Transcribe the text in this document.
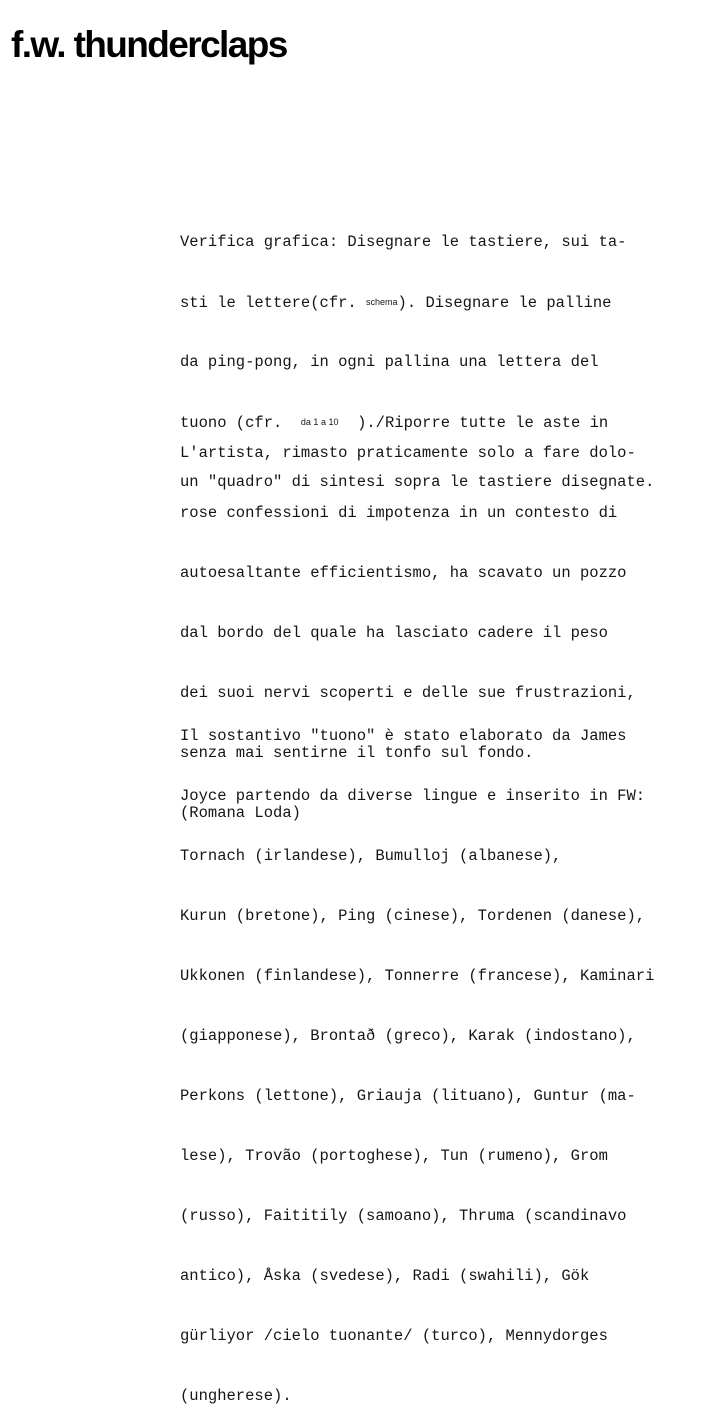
f.w. thunderclaps

Verifica grafica: Disegnare le tastiere, sui ta-

sti le lettere(cfr. schema). Disegnare le palline

da ping-pong, in ogni pallina una lettera del

tuono (cfr.  da 1 a 10  )./Riporre tutte le aste in

un "quadro" di sintesi sopra le tastiere disegnate.

L'artista, rimasto praticamente solo a fare dolo-

rose confessioni di impotenza in un contesto di

autoesaltante efficientismo, ha scavato un pozzo

dal bordo del quale ha lasciato cadere il peso

dei suoi nervi scoperti e delle sue frustrazioni,

senza mai sentirne il tonfo sul fondo.

(Romana Loda)

Il sostantivo "tuono" è stato elaborato da James

Joyce partendo da diverse lingue e inserito in FW:

Tornach (irlandese), Bumulloj (albanese),

Kurun (bretone), Ping (cinese), Tordenen (danese),

Ukkonen (finlandese), Tonnerre (francese), Kaminari

(giapponese), Brontað (greco), Karak (indostano),

Perkons (lettone), Griauja (lituano), Guntur (ma-

lese), Trovão (portoghese), Tun (rumeno), Grom

(russo), Faititily (samoano), Thruma (scandinavo

antico), Åska (svedese), Radi (swahili), Gök

gürliyor /cielo tuonante/ (turco), Mennydorges

(ungherese).
